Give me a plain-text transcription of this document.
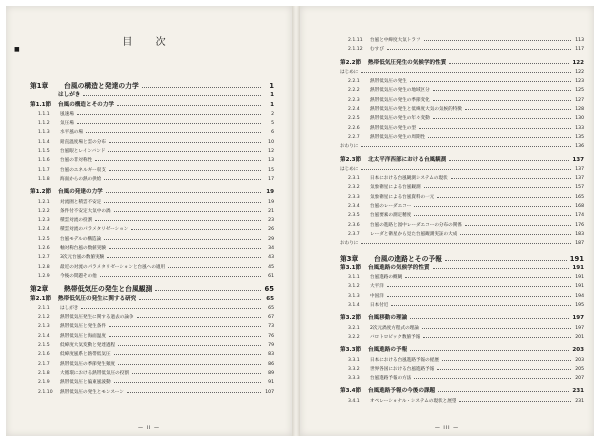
■
目 次
第1章	台風の構造と発達の力学	1
はしがき	1
第1.1節	台風の構造とその力学	1
1.1.1	風速場	2
1.1.2	気圧場	5
1.1.3	水平風の場	6
1.1.4	鉛直温度場と雲の分布	10
1.1.5	台風眼とレインバンド	12
1.1.6	台風の非対称性	13
1.1.7	台風のエネルギー収支	15
1.1.8	海面からの熱の供給	17
第1.2節	台風の発達の力学	19
1.2.1	対流圏と積雲不安定	19
1.2.2	条件付不安定大気中の渦	21
1.2.3	積雲対流の役割	23
1.2.4	積雲対流のパラメタリゼーション	26
1.2.5	台風モデルの構造論	29
1.2.6	軸対称台風の数値実験	34
1.2.7	3次元台風の数値実験	43
1.2.8	最近の対流のパラメタリゼーションと台風への適用	45
1.2.9	今後の問題その他	61
第2章	熱帯低気圧の発生と台風観測	65
第2.1節	熱帯低気圧の発生に関する研究	65
2.1.1	はしがき	65
2.1.2	熱帯低気圧発生に関する過去の論争	67
2.1.3	熱帯低気圧と発生条件	73
2.1.4	熱帯低気圧と海面温度	76
2.1.5	低緯度大気変動と発達過程	79
2.1.6	低緯度風系と熱帯低気圧	83
2.1.7	熱帯低気圧の季節発生頻度	86
2.1.8	大循環における熱帯低気圧の役割	89
2.1.9	熱帯低気圧と偏東風波動	91
2.1.10	熱帯低気圧の発生とモンスーン	107
— ii —
2.1.11	台風と中緯度大気トラフ	113
2.1.12	むすび	117
第2.2節	熱帯低気圧発生の気候学的性質	122
はじめに	122
2.2.1	熱帯低気圧の発生	123
2.2.2	熱帯低気圧の発生の地域区分	125
2.2.3	熱帯低気圧の発生の季節変化	127
2.2.4	熱帯低気圧の発生と低緯度大気の気候的特徴	128
2.2.5	熱帯低気圧の発生の年々変動	130
2.2.6	熱帯低気圧の発生の型	133
2.2.7	熱帯低気圧の発生の周期性	135
おわりに	136
第2.3節	北太平洋西部における台風観測	137
はじめに	137
2.3.1	日本における台風観測システムの現状	137
2.3.2	気象衛星による台風観測	157
2.3.3	気象衛星による台風資料の一元	165
2.3.4	台風のレーダエコー	168
2.3.5	台風要素の測定精度	174
2.3.6	台風の進路と図中レーダエコーの分布の関係	176
2.3.7	レーダと衛星から見た台風観測実証の大成	183
おわりに	187
第3章	台風の進路とその予報	191
第3.1節	台風進路の気候学的性質	191
3.1.1	台風進路の概観	191
3.1.2	大平洋	191
3.1.3	中国洋	194
3.1.4	日本付近	195
第3.2節	台風移動の理論	197
3.2.1	2次元渦度方程式の理論	197
3.2.2	バロトロピック数値予報	201
第3.3節	台風進路の予報	203
3.3.1	日本における台風進路予報の経歴	203
3.3.2	世界各国における台風進路予報	205
3.3.3	台風進路予報の方法	207
第3.4節	台風進路予報の今後の課題	231
3.4.1	オペレーショナル・システムの現状と展望	231
— iii —
